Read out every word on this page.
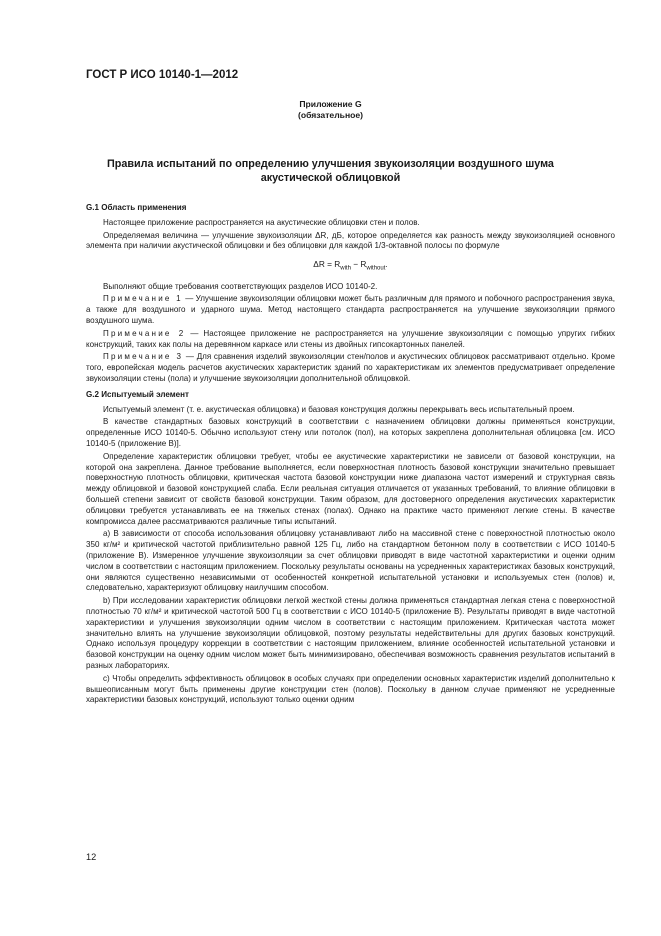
ГОСТ Р ИСО 10140-1—2012
Приложение G
(обязательное)
Правила испытаний по определению улучшения звукоизоляции воздушного шума акустической облицовкой
G.1 Область применения

Настоящее приложение распространяется на акустические облицовки стен и полов.

Определяемая величина — улучшение звукоизоляции ΔR, дБ, которое определяется как разность между звукоизоляцией основного элемента при наличии акустической облицовки и без облицовки для каждой 1/3-октавной полосы по формуле

$\Delta R = R_{with} - R_{without}$.

Выполняют общие требования соответствующих разделов ИСО 10140-2.

Примечание 1 — Улучшение звукоизоляции облицовки может быть различным для прямого и побочного распространения звука, а также для воздушного и ударного шума. Метод настоящего стандарта распространяется на улучшение звукоизоляции прямого воздушного шума.

Примечание 2 — Настоящее приложение не распространяется на улучшение звукоизоляции с помощью упругих гибких конструкций, таких как полы на деревянном каркасе или стены из двойных гипсокартонных панелей.

Примечание 3 — Для сравнения изделий звукоизоляции стен/полов и акустических облицовок рассматривают отдельно. Кроме того, европейская модель расчетов акустических характеристик зданий по характеристикам их элементов предусматривает определение звукоизоляции стены (пола) и улучшение звукоизоляции дополнительной облицовкой.

G.2 Испытуемый элемент

Испытуемый элемент (т. е. акустическая облицовка) и базовая конструкция должны перекрывать весь испытательный проем.

В качестве стандартных базовых конструкций в соответствии с назначением облицовки должны применяться конструкции, определенные ИСО 10140-5. Обычно используют стену или потолок (пол), на которых закреплена дополнительная облицовка [см. ИСО 10140-5 (приложение B)].

Определение характеристик облицовки требует, чтобы ее акустические характеристики не зависели от базовой конструкции, на которой она закреплена. Данное требование выполняется, если поверхностная плотность базовой конструкции значительно превышает поверхностную плотность облицовки, критическая частота базовой конструкции ниже диапазона частот измерений и структурная связь между облицовкой и базовой конструкцией слаба. Если реальная ситуация отличается от указанных требований, то влияние облицовки в большей степени зависит от свойств базовой конструкции. Таким образом, для достоверного определения акустических характеристик облицовки требуется устанавливать ее на тяжелых стенах (полах). Однако на практике часто применяют легкие стены. В качестве компромисса далее рассматриваются различные типы испытаний.

a) В зависимости от способа использования облицовку устанавливают либо на массивной стене с поверхностной плотностью около 350 кг/м² и критической частотой приблизительно равной 125 Гц, либо на стандартном бетонном полу в соответствии с ИСО 10140-5 (приложение B). Измеренное улучшение звукоизоляции за счет облицовки приводят в виде частотной характеристики и оценки одним числом в соответствии с настоящим приложением. Поскольку результаты основаны на усредненных характеристиках базовых конструкций, они являются существенно независимыми от особенностей конкретной испытательной установки и используемых стен (полов) и, следовательно, характеризуют облицовку наилучшим способом.

b) При исследовании характеристик облицовки легкой жесткой стены должна применяться стандартная легкая стена с поверхностной плотностью 70 кг/м² и критической частотой 500 Гц в соответствии с ИСО 10140-5 (приложение B). Результаты приводят в виде частотной характеристики и улучшения звукоизоляции одним числом в соответствии с настоящим приложением. Критическая частота может значительно влиять на улучшение звукоизоляции облицовкой, поэтому результаты недействительны для других базовых конструкций. Однако используя процедуру коррекции в соответствии с настоящим приложением, влияние особенностей испытательной установки и базовой конструкции на оценку одним числом может быть минимизировано, обеспечивая возможность сравнения результатов испытаний в разных лабораториях.

c) Чтобы определить эффективность облицовок в особых случаях при определении основных характеристик изделий дополнительно к вышеописанным могут быть применены другие конструкции стен (полов). Поскольку в данном случае применяют не усредненные характеристики базовых конструкций, используют только оценки одним

12
